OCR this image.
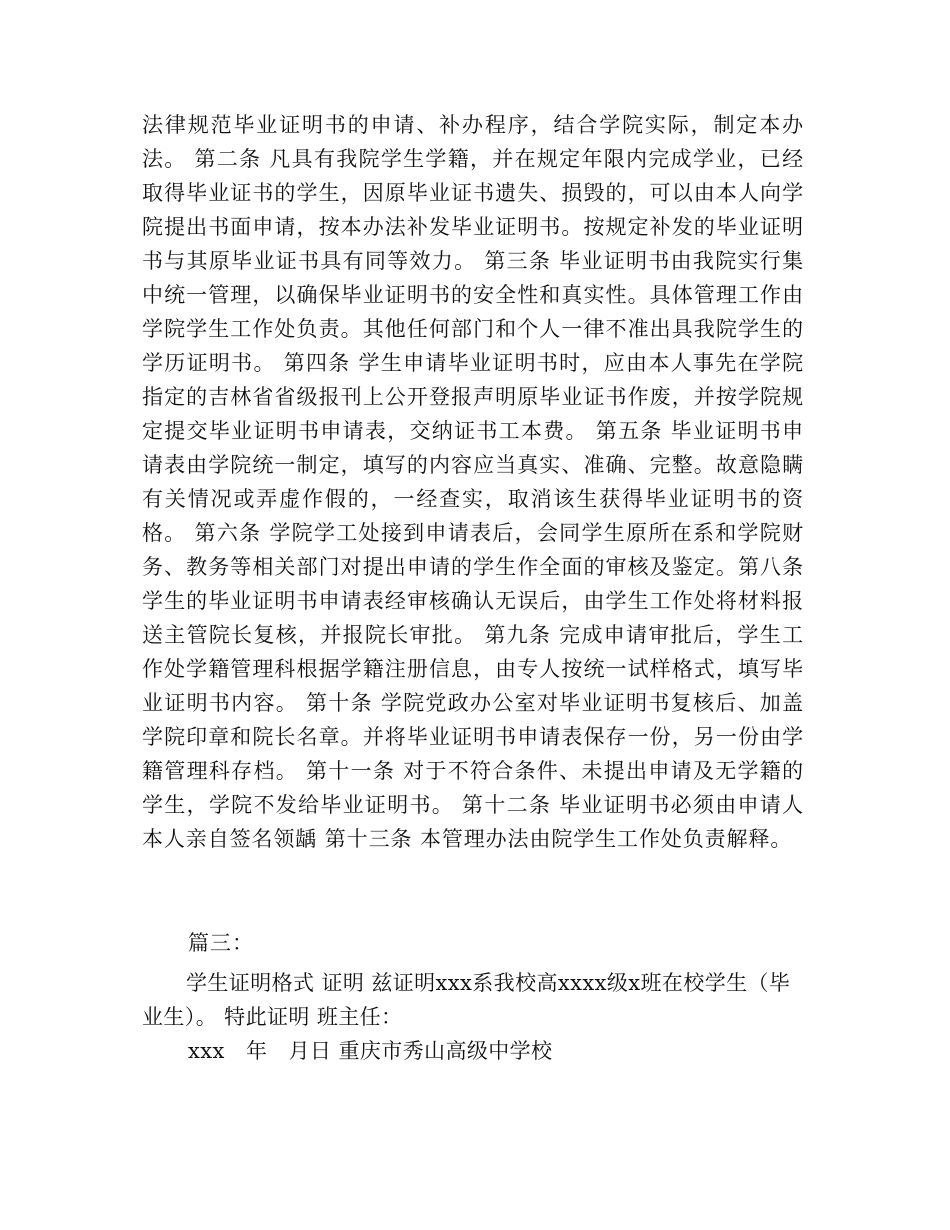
法律规范毕业证明书的申请、补办程序，结合学院实际，制定本办法。 第二条 凡具有我院学生学籍，并在规定年限内完成学业，已经取得毕业证书的学生，因原毕业证书遗失、损毁的，可以由本人向学院提出书面申请，按本办法补发毕业证明书。按规定补发的毕业证明书与其原毕业证书具有同等效力。 第三条 毕业证明书由我院实行集中统一管理，以确保毕业证明书的安全性和真实性。具体管理工作由学院学生工作处负责。其他任何部门和个人一律不准出具我院学生的学历证明书。 第四条 学生申请毕业证明书时，应由本人事先在学院指定的吉林省省级报刊上公开登报声明原毕业证书作废，并按学院规定提交毕业证明书申请表，交纳证书工本费。 第五条 毕业证明书申请表由学院统一制定，填写的内容应当真实、准确、完整。故意隐瞒有关情况或弄虚作假的，一经查实，取消该生获得毕业证明书的资格。 第六条 学院学工处接到申请表后，会同学生原所在系和学院财务、教务等相关部门对提出申请的学生作全面的审核及鉴定。第八条 学生的毕业证明书申请表经审核确认无误后，由学生工作处将材料报送主管院长复核，并报院长审批。 第九条 完成申请审批后，学生工作处学籍管理科根据学籍注册信息，由专人按统一试样格式，填写毕业证明书内容。 第十条 学院党政办公室对毕业证明书复核后、加盖学院印章和院长名章。并将毕业证明书申请表保存一份，另一份由学籍管理科存档。 第十一条 对于不符合条件、未提出申请及无学籍的学生，学院不发给毕业证明书。 第十二条 毕业证明书必须由申请人本人亲自签名领龋 第十三条 本管理办法由院学生工作处负责解释。

篇三：

学生证明格式 证明 兹证明xxx系我校高xxxx级x班在校学生（毕业生）。 特此证明 班主任：

xxx   年   月日 重庆市秀山高级中学校
